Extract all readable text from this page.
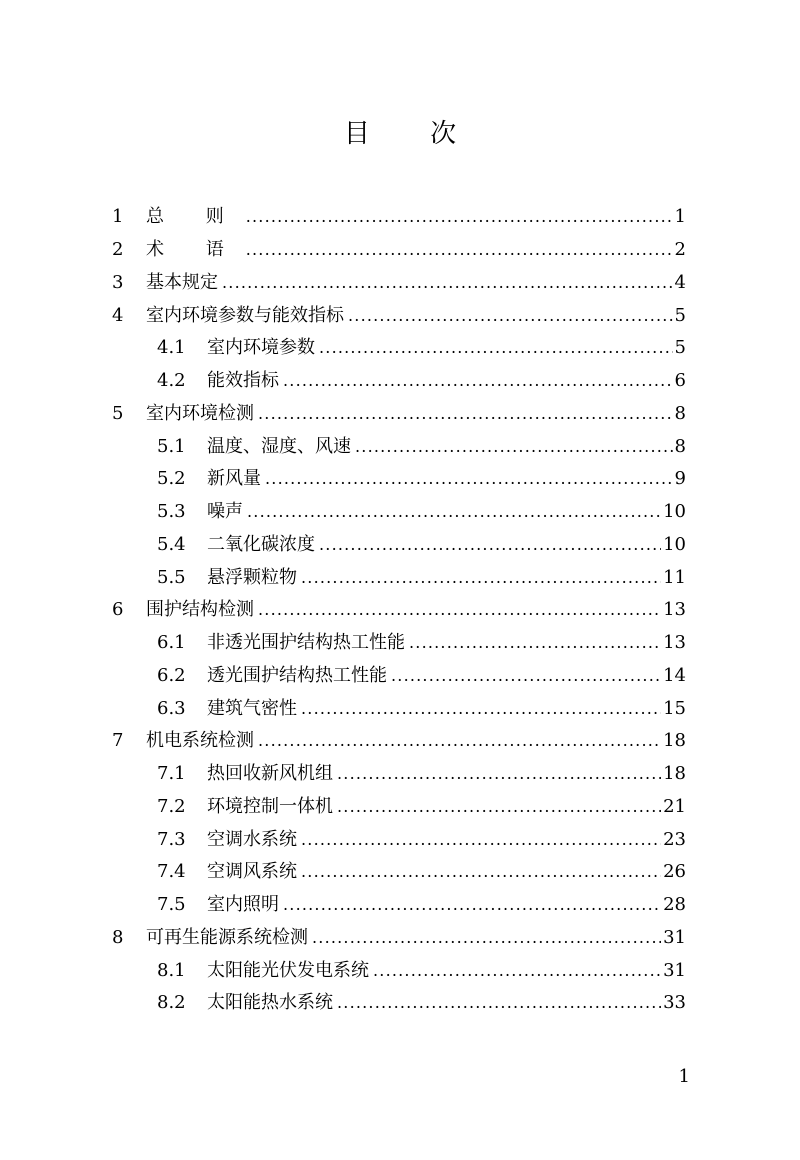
目 次
1	总 则 .....	1
2	术 语 .....	2
3	基本规定 .....	4
4	室内环境参数与能效指标 .....	5
4.1	室内环境参数 .....	5
4.2	能效指标 .....	6
5	室内环境检测 .....	8
5.1	温度、湿度、风速 .....	8
5.2	新风量 .....	9
5.3	噪声 .....	10
5.4	二氧化碳浓度 .....	10
5.5	悬浮颗粒物 .....	11
6	围护结构检测 .....	13
6.1	非透光围护结构热工性能 .....	13
6.2	透光围护结构热工性能 .....	14
6.3	建筑气密性 .....	15
7	机电系统检测 .....	18
7.1	热回收新风机组 .....	18
7.2	环境控制一体机 .....	21
7.3	空调水系统 .....	23
7.4	空调风系统 .....	26
7.5	室内照明 .....	28
8	可再生能源系统检测 .....	31
8.1	太阳能光伏发电系统 .....	31
8.2	太阳能热水系统 .....	33
1
